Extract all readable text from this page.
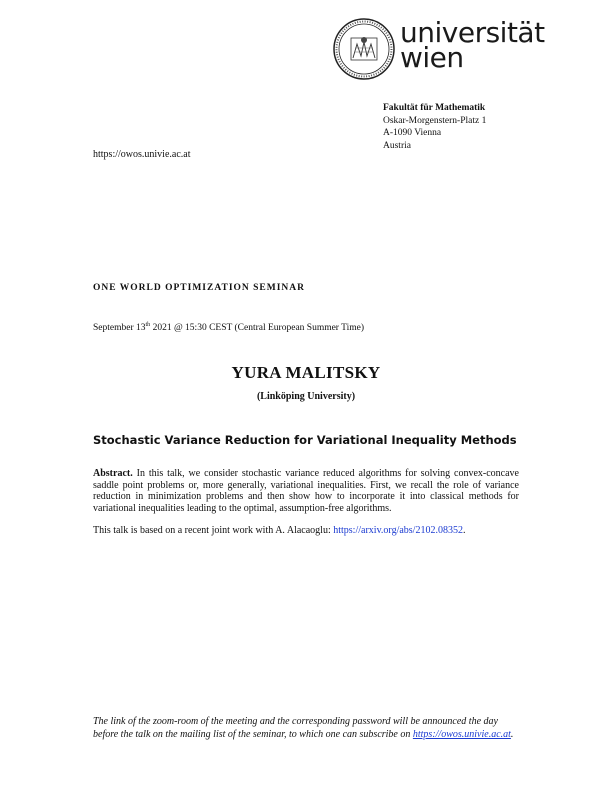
universität
wien
Fakultät für Mathematik
Oskar-Morgenstern-Platz 1
A-1090 Vienna
Austria
https://owos.univie.ac.at
ONE WORLD OPTIMIZATION SEMINAR
September 13th 2021 @ 15:30 CEST (Central European Summer Time)
YURA MALITSKY
(Linköping University)
Stochastic Variance Reduction for Variational Inequality Methods
Abstract. In this talk, we consider stochastic variance reduced algorithms for solving convex-concave saddle point problems or, more generally, variational inequalities. First, we recall the role of variance reduction in minimization problems and then show how to incorporate it into classical methods for variational inequalities leading to the optimal, assumption-free algorithms.
This talk is based on a recent joint work with A. Alacaoglu: https://arxiv.org/abs/2102.08352.
The link of the zoom-room of the meeting and the corresponding password will be announced the day before the talk on the mailing list of the seminar, to which one can subscribe on https://owos.univie.ac.at.
